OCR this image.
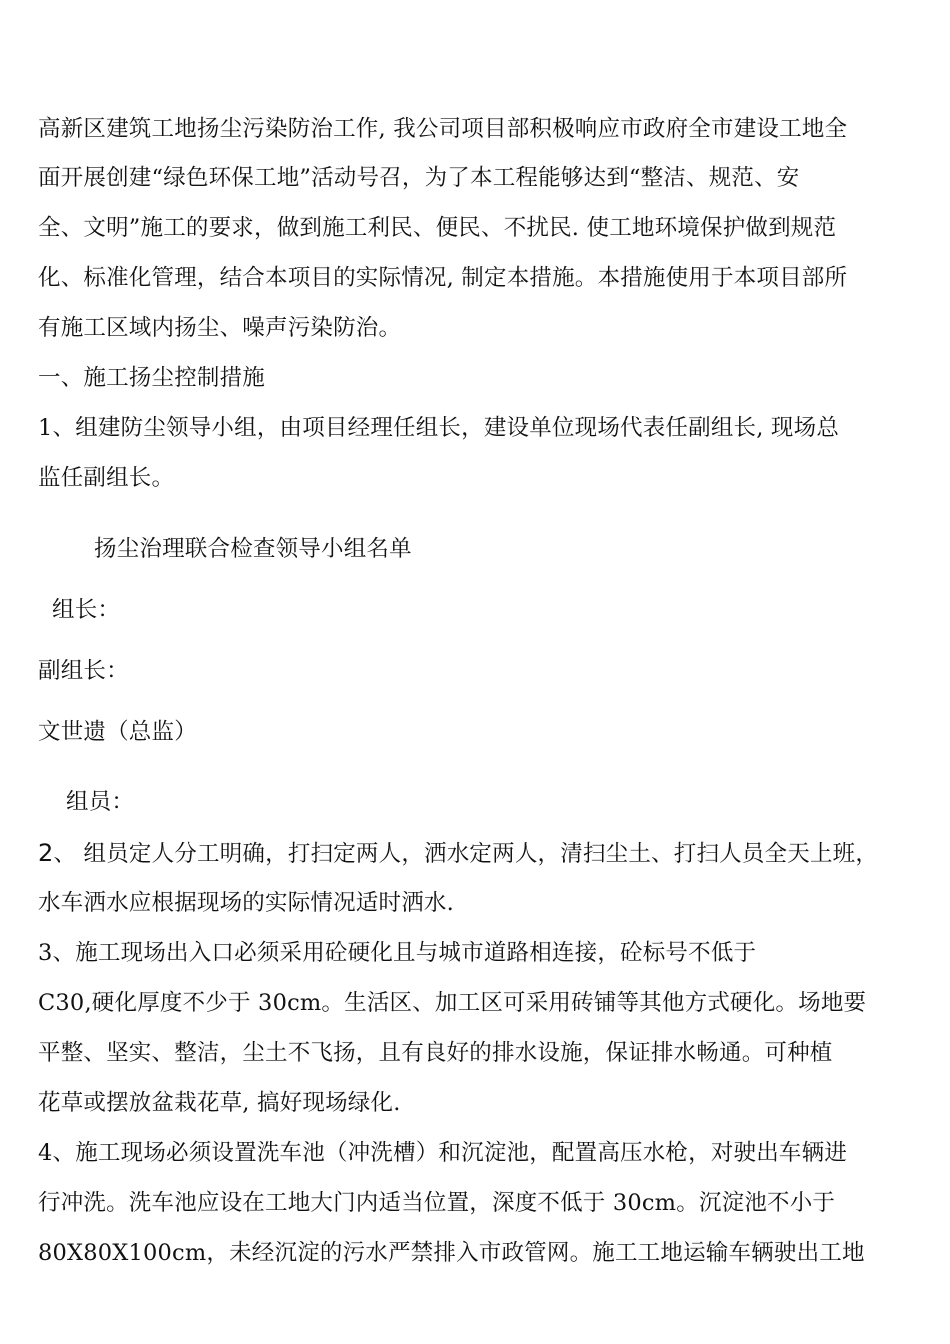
高新区建筑工地扬尘污染防治工作, 我公司项目部积极响应市政府全市建设工地全
面开展创建“绿色环保工地”活动号召，为了本工程能够达到“整洁、规范、安
全、文明”施工的要求，做到施工利民、便民、不扰民. 使工地环境保护做到规范
化、标准化管理，结合本项目的实际情况, 制定本措施。本措施使用于本项目部所
有施工区域内扬尘、噪声污染防治。
一、施工扬尘控制措施
1、组建防尘领导小组，由项目经理任组长，建设单位现场代表任副组长, 现场总
监任副组长。
扬尘治理联合检查领导小组名单
组长：
副组长：
文世遗（总监）
组员：
2、 组员定人分工明确，打扫定两人，洒水定两人，清扫尘土、打扫人员全天上班，
水车洒水应根据现场的实际情况适时洒水.
3、施工现场出入口必须采用砼硬化且与城市道路相连接，砼标号不低于
C30,硬化厚度不少于 30cm。生活区、加工区可采用砖铺等其他方式硬化。场地要
平整、坚实、整洁，尘土不飞扬，且有良好的排水设施，保证排水畅通。可种植
花草或摆放盆栽花草, 搞好现场绿化.
4、施工现场必须设置洗车池（冲洗槽）和沉淀池，配置高压水枪，对驶出车辆进
行冲洗。洗车池应设在工地大门内适当位置，深度不低于 30cm。沉淀池不小于
80X80X100cm，未经沉淀的污水严禁排入市政管网。施工工地运输车辆驶出工地
